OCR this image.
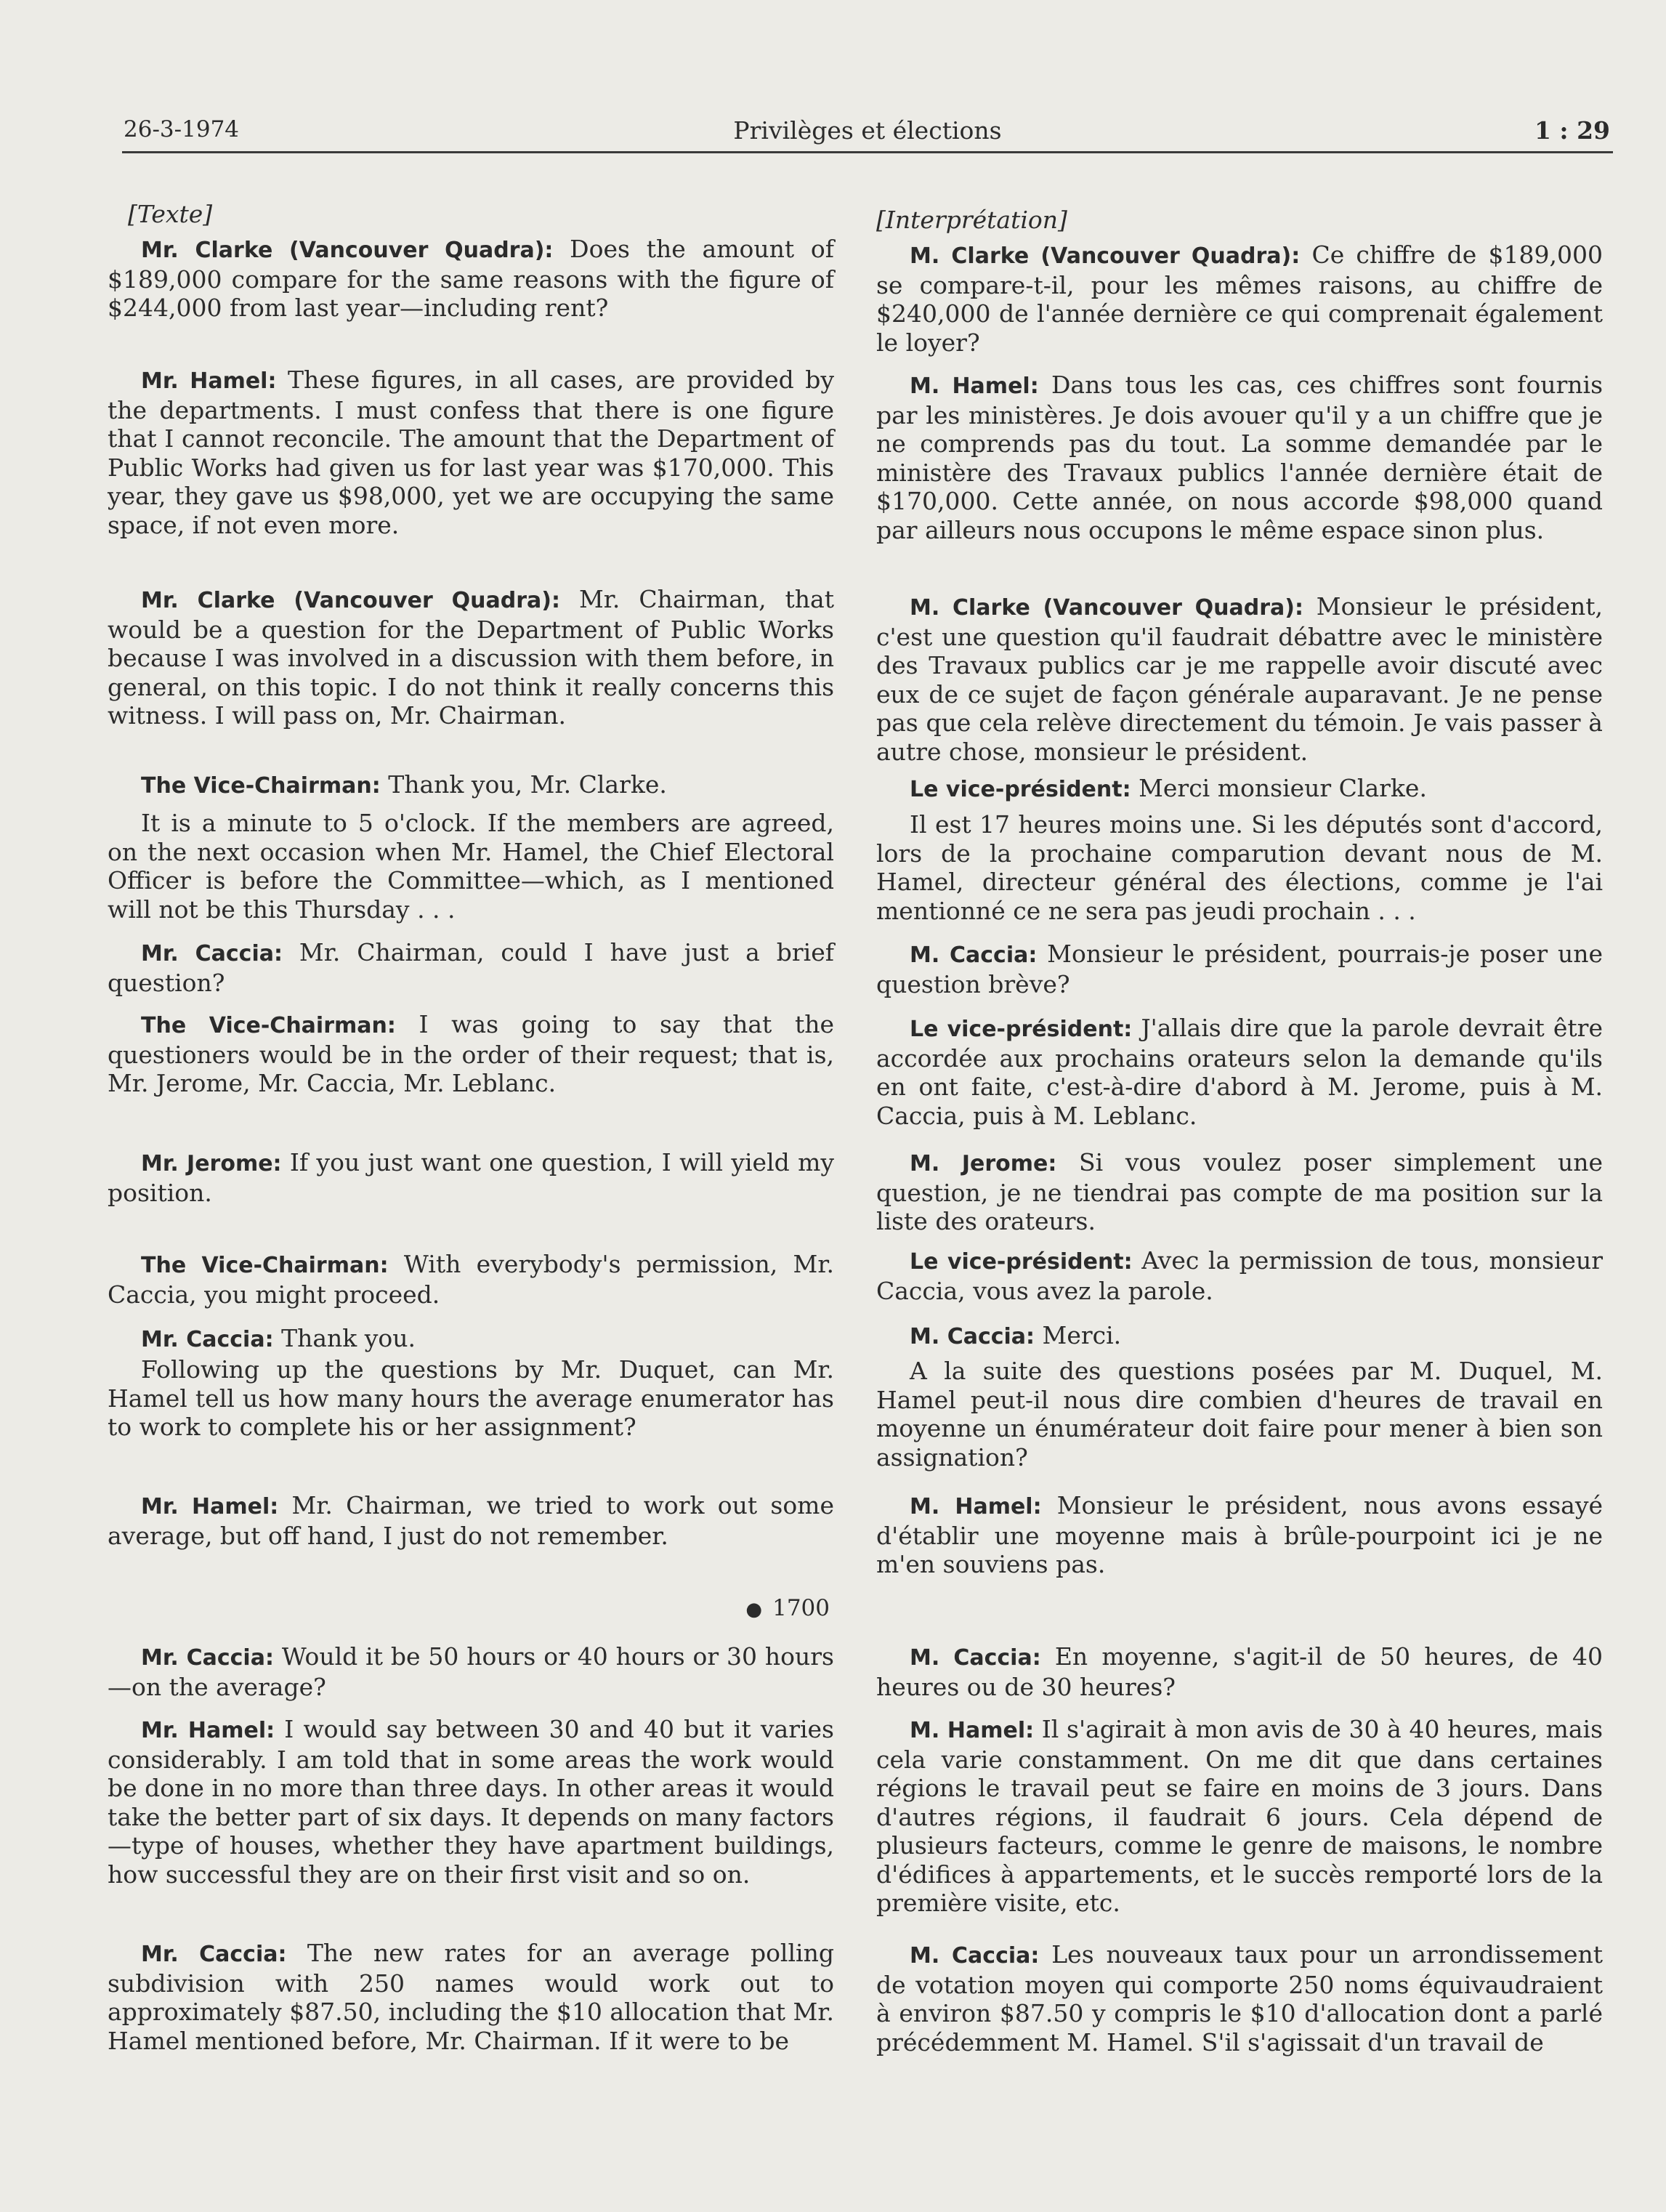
26-3-1974	Privilèges et élections	1 : 29

[Texte]

Mr. Clarke (Vancouver Quadra): Does the amount of $189,000 compare for the same reasons with the figure of $244,000 from last year—including rent?

Mr. Hamel: These figures, in all cases, are provided by the departments. I must confess that there is one figure that I cannot reconcile. The amount that the Department of Public Works had given us for last year was $170,000. This year, they gave us $98,000, yet we are occupying the same space, if not even more.

Mr. Clarke (Vancouver Quadra): Mr. Chairman, that would be a question for the Department of Public Works because I was involved in a discussion with them before, in general, on this topic. I do not think it really concerns this witness. I will pass on, Mr. Chairman.

The Vice-Chairman: Thank you, Mr. Clarke.

It is a minute to 5 o'clock. If the members are agreed, on the next occasion when Mr. Hamel, the Chief Electoral Officer is before the Committee—which, as I mentioned will not be this Thursday . . .

Mr. Caccia: Mr. Chairman, could I have just a brief question?

The Vice-Chairman: I was going to say that the questioners would be in the order of their request; that is, Mr. Jerome, Mr. Caccia, Mr. Leblanc.

Mr. Jerome: If you just want one question, I will yield my position.

The Vice-Chairman: With everybody's permission, Mr. Caccia, you might proceed.

Mr. Caccia: Thank you.

Following up the questions by Mr. Duquet, can Mr. Hamel tell us how many hours the average enumerator has to work to complete his or her assignment?

Mr. Hamel: Mr. Chairman, we tried to work out some average, but off hand, I just do not remember.

● 1700

Mr. Caccia: Would it be 50 hours or 40 hours or 30 hours—on the average?

Mr. Hamel: I would say between 30 and 40 but it varies considerably. I am told that in some areas the work would be done in no more than three days. In other areas it would take the better part of six days. It depends on many factors—type of houses, whether they have apartment buildings, how successful they are on their first visit and so on.

Mr. Caccia: The new rates for an average polling subdivision with 250 names would work out to approximately $87.50, including the $10 allocation that Mr. Hamel mentioned before, Mr. Chairman. If it were to be

[Interprétation]

M. Clarke (Vancouver Quadra): Ce chiffre de $189,000 se compare-t-il, pour les mêmes raisons, au chiffre de $240,000 de l'année dernière ce qui comprenait également le loyer?

M. Hamel: Dans tous les cas, ces chiffres sont fournis par les ministères. Je dois avouer qu'il y a un chiffre que je ne comprends pas du tout. La somme demandée par le ministère des Travaux publics l'année dernière était de $170,000. Cette année, on nous accorde $98,000 quand par ailleurs nous occupons le même espace sinon plus.

M. Clarke (Vancouver Quadra): Monsieur le président, c'est une question qu'il faudrait débattre avec le ministère des Travaux publics car je me rappelle avoir discuté avec eux de ce sujet de façon générale auparavant. Je ne pense pas que cela relève directement du témoin. Je vais passer à autre chose, monsieur le président.

Le vice-président: Merci monsieur Clarke.

Il est 17 heures moins une. Si les députés sont d'accord, lors de la prochaine comparution devant nous de M. Hamel, directeur général des élections, comme je l'ai mentionné ce ne sera pas jeudi prochain . . .

M. Caccia: Monsieur le président, pourrais-je poser une question brève?

Le vice-président: J'allais dire que la parole devrait être accordée aux prochains orateurs selon la demande qu'ils en ont faite, c'est-à-dire d'abord à M. Jerome, puis à M. Caccia, puis à M. Leblanc.

M. Jerome: Si vous voulez poser simplement une question, je ne tiendrai pas compte de ma position sur la liste des orateurs.

Le vice-président: Avec la permission de tous, monsieur Caccia, vous avez la parole.

M. Caccia: Merci.

A la suite des questions posées par M. Duquel, M. Hamel peut-il nous dire combien d'heures de travail en moyenne un énumérateur doit faire pour mener à bien son assignation?

M. Hamel: Monsieur le président, nous avons essayé d'établir une moyenne mais à brûle-pourpoint ici je ne m'en souviens pas.

M. Caccia: En moyenne, s'agit-il de 50 heures, de 40 heures ou de 30 heures?

M. Hamel: Il s'agirait à mon avis de 30 à 40 heures, mais cela varie constamment. On me dit que dans certaines régions le travail peut se faire en moins de 3 jours. Dans d'autres régions, il faudrait 6 jours. Cela dépend de plusieurs facteurs, comme le genre de maisons, le nombre d'édifices à appartements, et le succès remporté lors de la première visite, etc.

M. Caccia: Les nouveaux taux pour un arrondissement de votation moyen qui comporte 250 noms équivaudraient à environ $87.50 y compris le $10 d'allocation dont a parlé précédemment M. Hamel. S'il s'agissait d'un travail de
